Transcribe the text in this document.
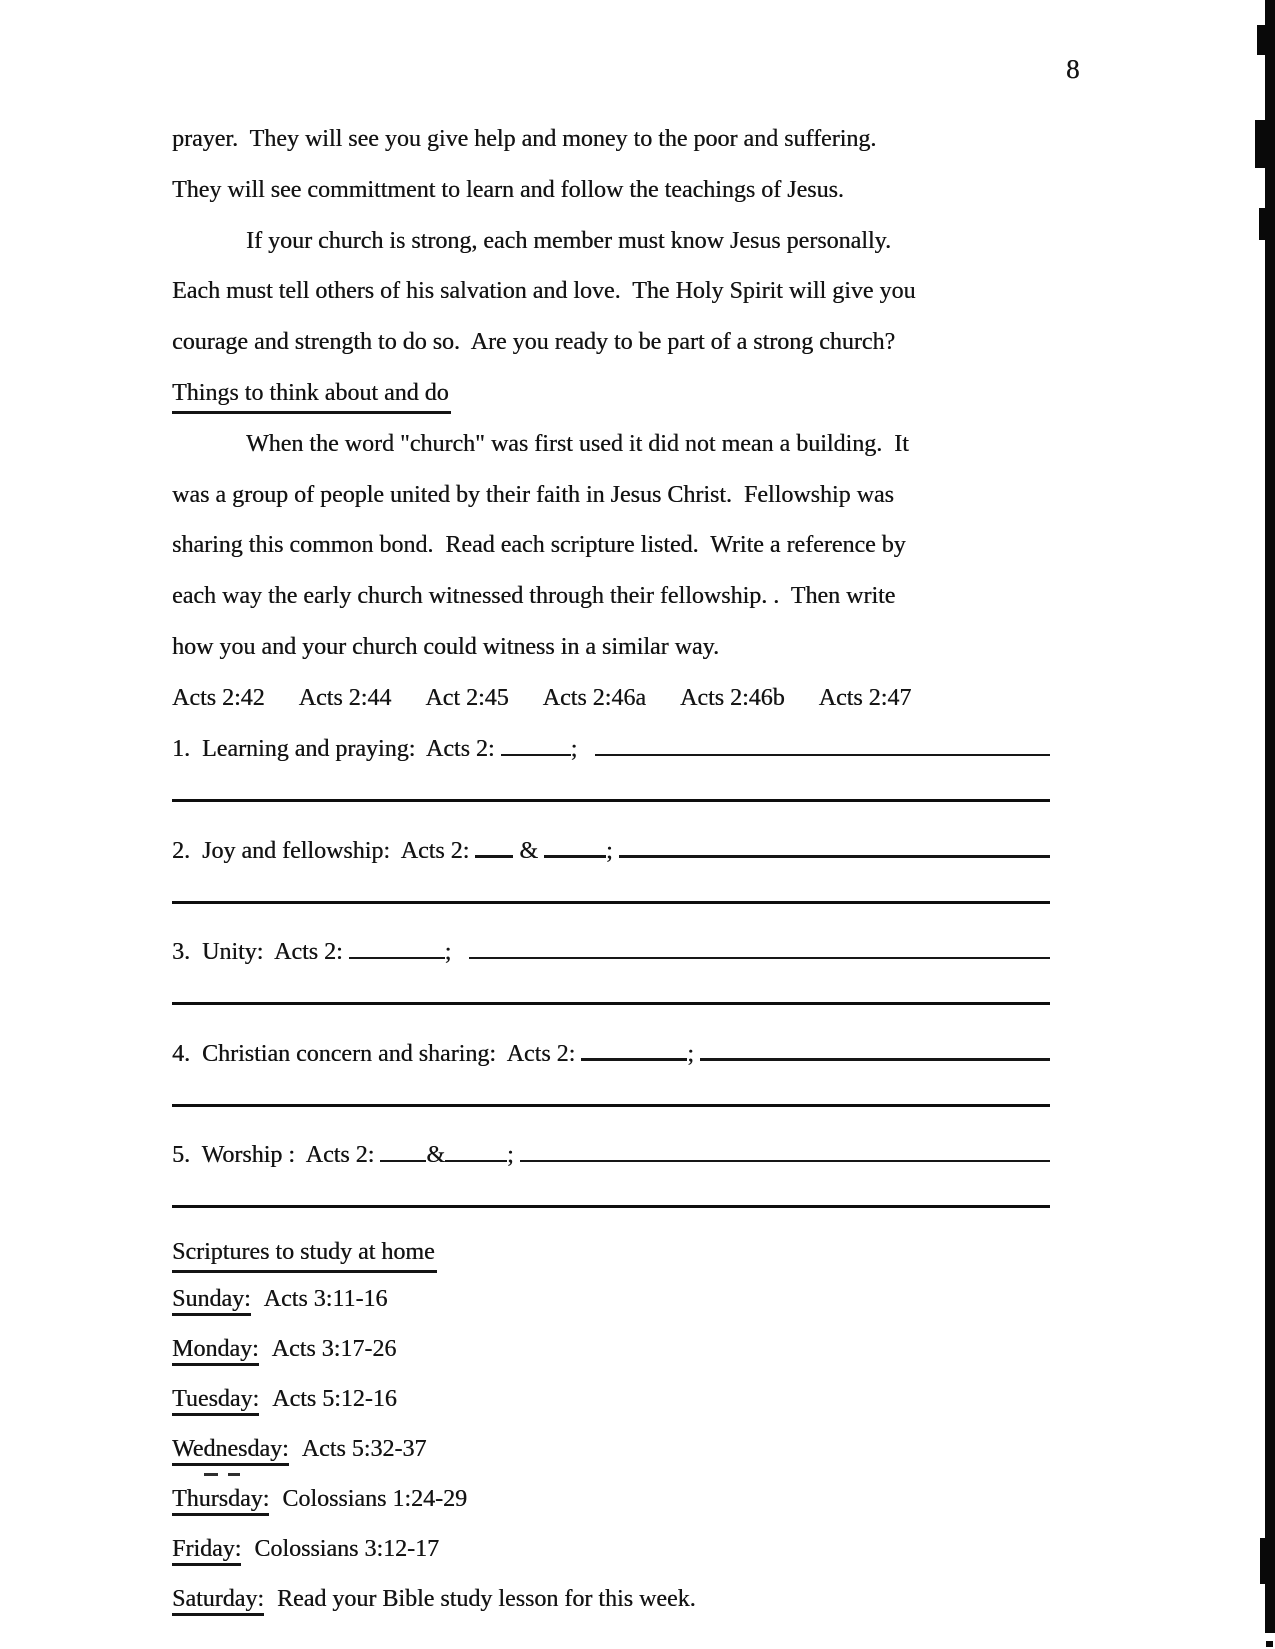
8
prayer.  They will see you give help and money to the poor and suffering.
They will see committment to learn and follow the teachings of Jesus.
If your church is strong, each member must know Jesus personally.
Each must tell others of his salvation and love.  The Holy Spirit will give you
courage and strength to do so.  Are you ready to be part of a strong church?
Things to think about and do
When the word "church" was first used it did not mean a building.  It
was a group of people united by their faith in Jesus Christ.  Fellowship was
sharing this common bond.  Read each scripture listed.  Write a reference by
each way the early church witnessed through their fellowship. .  Then write
how you and your church could witness in a similar way.
Acts 2:42 Acts 2:44 Act 2:45 Acts 2:46a Acts 2:46b Acts 2:47
1.  Learning and praying:  Acts 2:	;
2.  Joy and fellowship:  Acts 2: &	;
3.  Unity:  Acts 2:	;
4.  Christian concern and sharing:  Acts 2:	;
5.  Worship :  Acts 2: &	;
Scriptures to study at home
Sunday: Acts 3:11-16
Monday: Acts 3:17-26
Tuesday: Acts 5:12-16
Wednesday: Acts 5:32-37
Thursday: Colossians 1:24-29
Friday: Colossians 3:12-17
Saturday: Read your Bible study lesson for this week.
